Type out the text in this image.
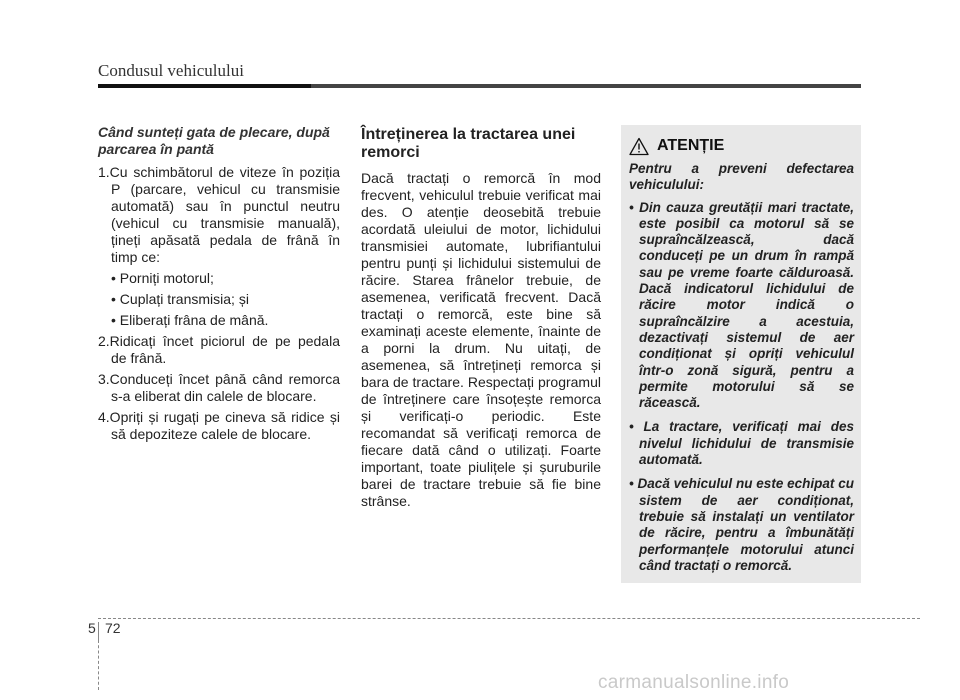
Condusul vehiculului

Când sunteți gata de plecare, după parcarea în pantă

1.Cu schimbătorul de viteze în poziția P (parcare, vehicul cu transmisie automată) sau în punctul neutru (vehicul cu transmisie manuală), țineți apăsată pedala de frână în timp ce:

• Porniți motorul;

• Cuplați transmisia; și

• Eliberați frâna de mână.

2.Ridicați încet piciorul de pe pedala de frână.

3.Conduceți încet până când remorca s-a eliberat din calele de blocare.

4.Opriți și rugați pe cineva să ridice și să depoziteze calele de blocare.

Întreținerea la tractarea unei remorci

Dacă tractați o remorcă în mod frecvent, vehiculul trebuie verificat mai des. O atenție deosebită trebuie acordată uleiului de motor, lichidului transmisiei automate, lubrifiantului pentru punți și lichidului sistemului de răcire. Starea frânelor trebuie, de asemenea, verificată frecvent. Dacă tractați o remorcă, este bine să examinați aceste elemente, înainte de a porni la drum. Nu uitați, de asemenea, să întrețineți remorca și bara de tractare. Respectați programul de întreținere care însoțește remorca și verificați-o periodic. Este recomandat să verificați remorca de fiecare dată când o utilizați. Foarte important, toate piulițele și șuruburile barei de tractare trebuie să fie bine strânse.

ATENȚIE

Pentru a preveni defectarea vehiculului:

• Din cauza greutății mari tractate, este posibil ca motorul să se supraîncălzească, dacă conduceți pe un drum în rampă sau pe vreme foarte călduroasă. Dacă indicatorul lichidului de răcire motor indică o supraîncălzire a acestuia, dezactivați sistemul de aer condiționat și opriți vehiculul într-o zonă sigură, pentru a permite motorului să se răcească.

• La tractare, verificați mai des nivelul lichidului de transmisie automată.

• Dacă vehiculul nu este echipat cu sistem de aer condiționat, trebuie să instalați un ventilator de răcire, pentru a îmbunătăți performanțele motorului atunci când tractați o remorcă.

5 72
carmanualsonline.info
